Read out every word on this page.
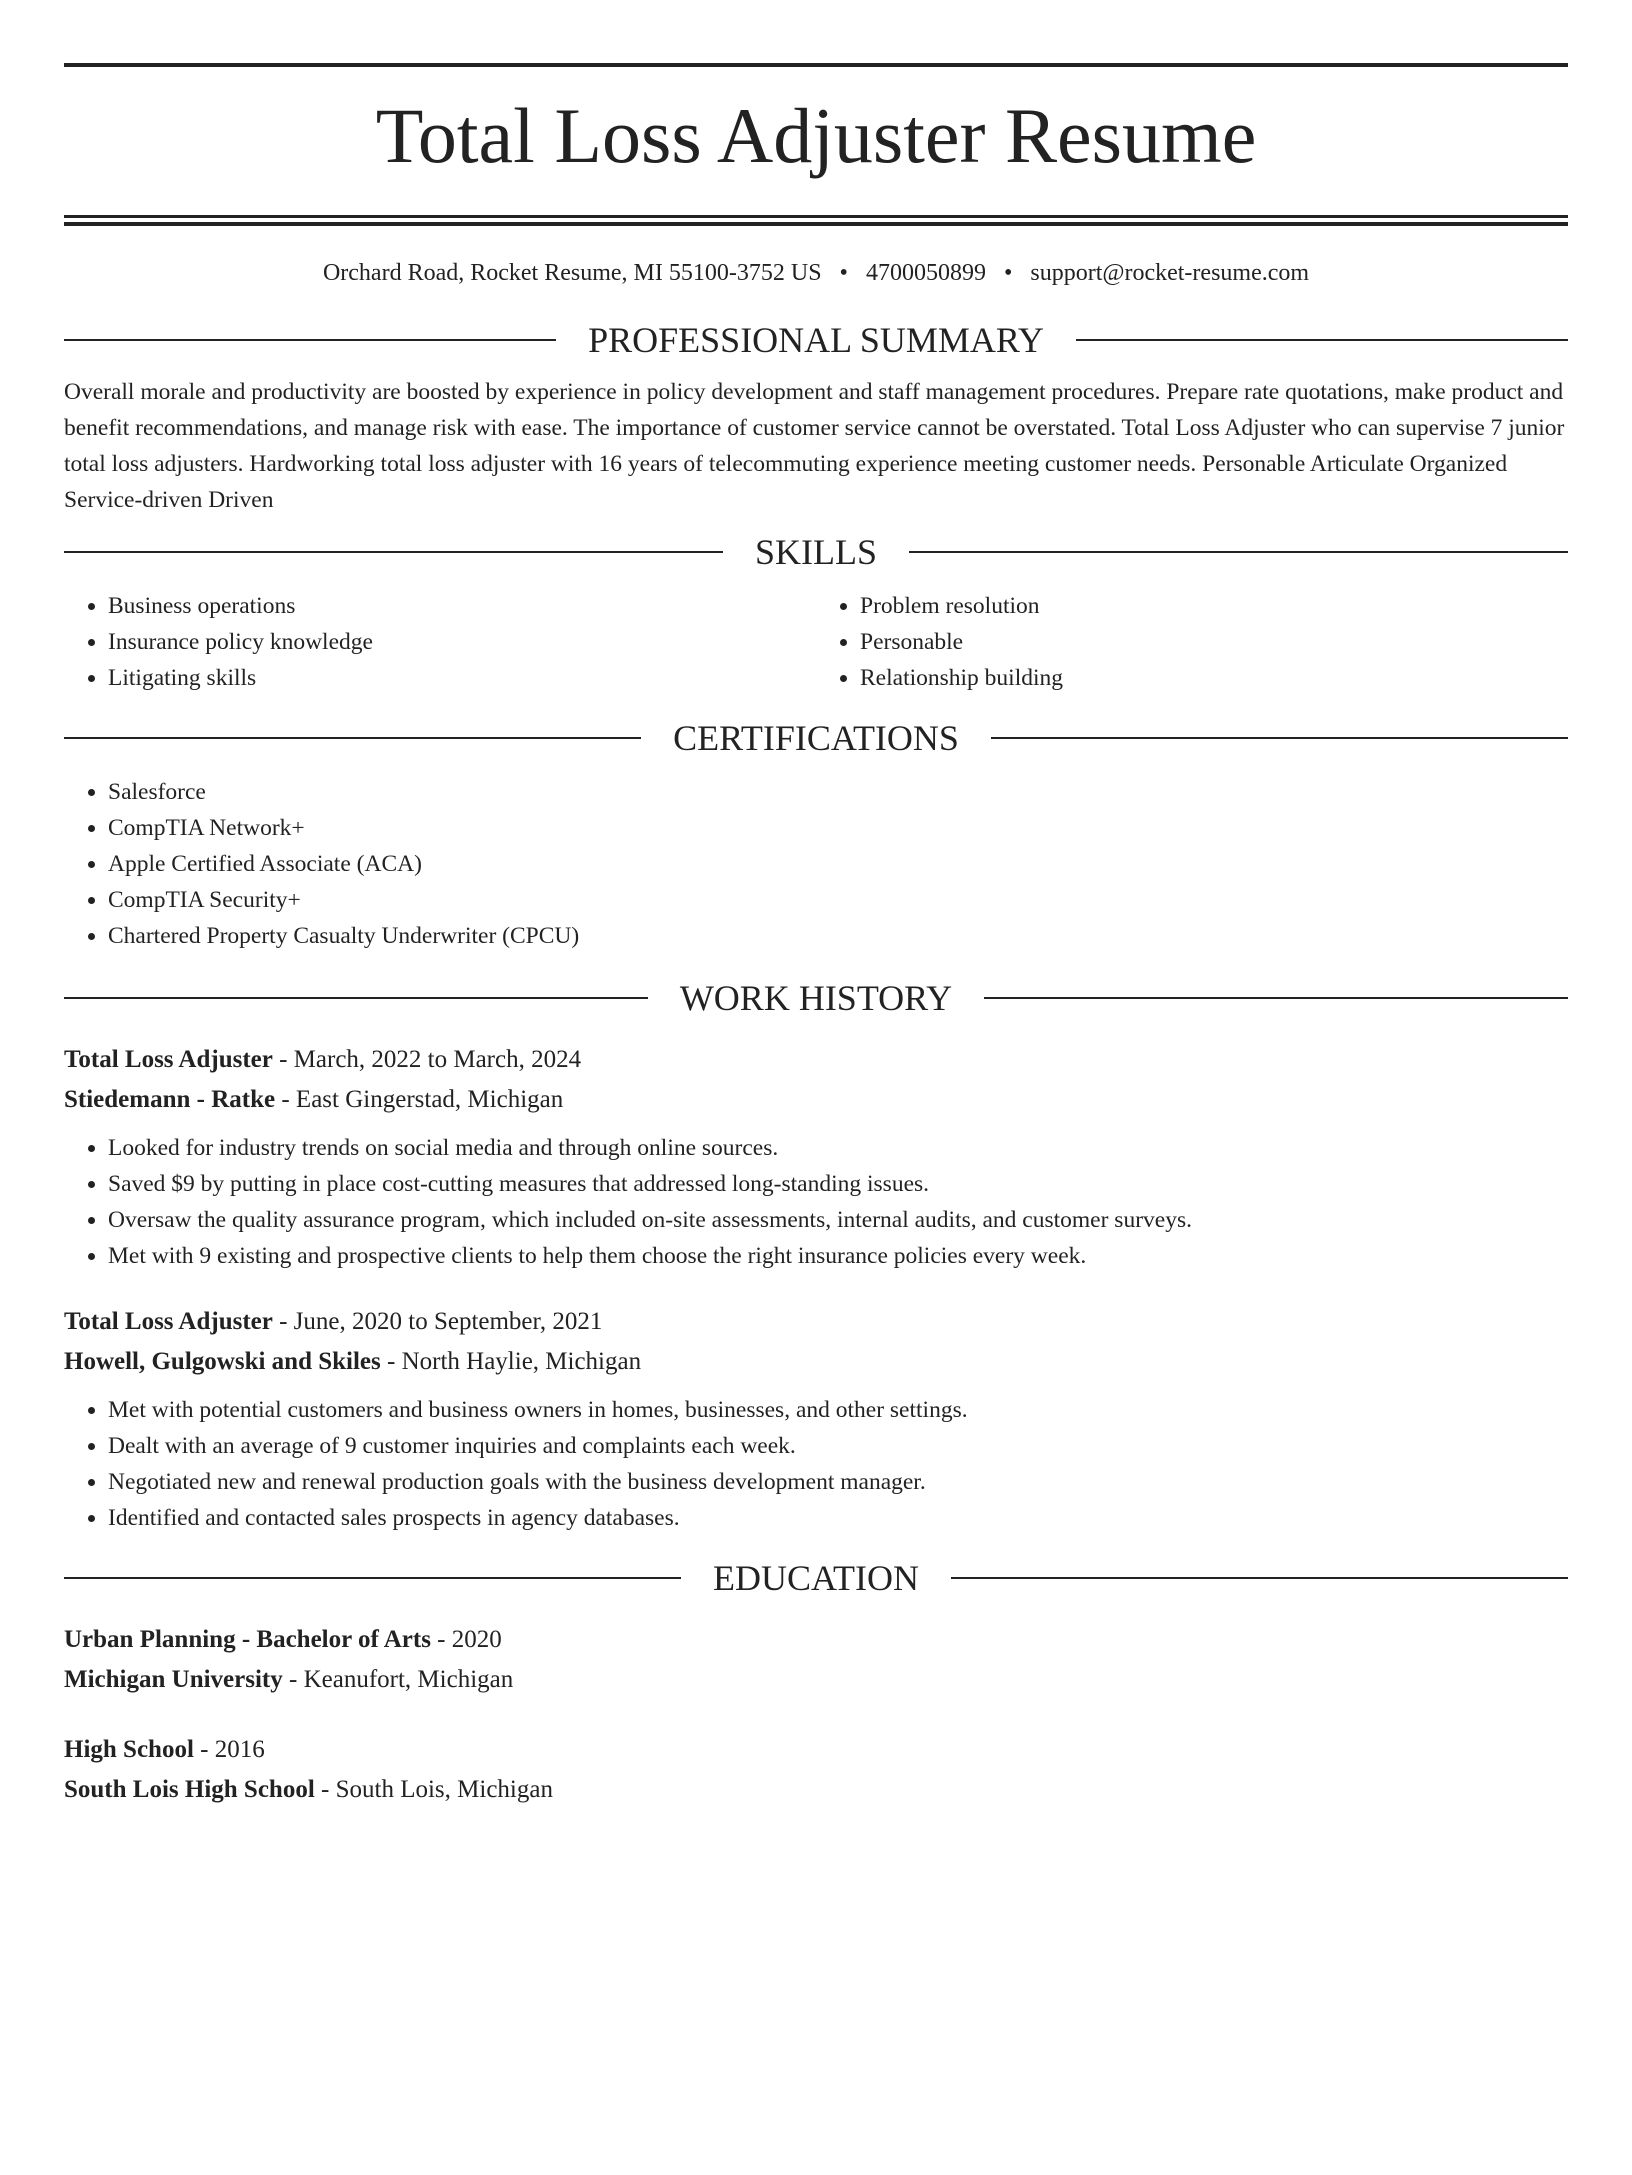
Total Loss Adjuster Resume
Orchard Road, Rocket Resume, MI 55100-3752 US • 4700050899 • support@rocket-resume.com
PROFESSIONAL SUMMARY

Overall morale and productivity are boosted by experience in policy development and staff management procedures. Prepare rate quotations, make product and benefit recommendations, and manage risk with ease. The importance of customer service cannot be overstated. Total Loss Adjuster who can supervise 7 junior total loss adjusters. Hardworking total loss adjuster with 16 years of telecommuting experience meeting customer needs. Personable Articulate Organized Service-driven Driven

SKILLS
• Business operations
• Insurance policy knowledge
• Litigating skills
• Problem resolution
• Personable
• Relationship building
CERTIFICATIONS
• Salesforce
• CompTIA Network+
• Apple Certified Associate (ACA)
• CompTIA Security+
• Chartered Property Casualty Underwriter (CPCU)
WORK HISTORY
Total Loss Adjuster - March, 2022 to March, 2024
Stiedemann - Ratke - East Gingerstad, Michigan
• Looked for industry trends on social media and through online sources.
• Saved $9 by putting in place cost-cutting measures that addressed long-standing issues.
• Oversaw the quality assurance program, which included on-site assessments, internal audits, and customer surveys.
• Met with 9 existing and prospective clients to help them choose the right insurance policies every week.
Total Loss Adjuster - June, 2020 to September, 2021
Howell, Gulgowski and Skiles - North Haylie, Michigan
• Met with potential customers and business owners in homes, businesses, and other settings.
• Dealt with an average of 9 customer inquiries and complaints each week.
• Negotiated new and renewal production goals with the business development manager.
• Identified and contacted sales prospects in agency databases.
EDUCATION
Urban Planning - Bachelor of Arts - 2020
Michigan University - Keanufort, Michigan
High School - 2016
South Lois High School - South Lois, Michigan
